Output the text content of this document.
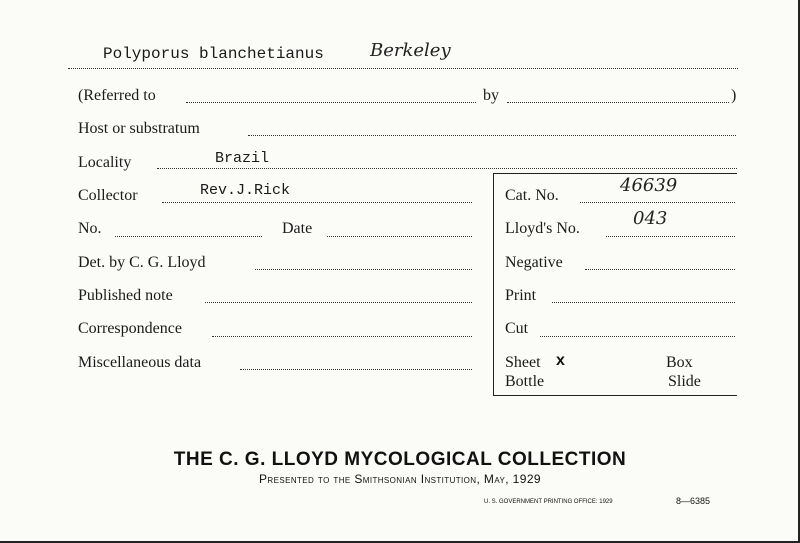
Polyporus blanchetianus	Berkeley
(Referred to	by	)
Host or substratum
Locality	Brazil
Collector	Rev.J.Rick	Cat. No.	46639
No.	Date	Lloyd's No.	043
Det. by C. G. Lloyd	Negative
Published note	Print
Correspondence	Cut
Miscellaneous data	Sheet x	Box
Bottle	Slide
THE C. G. LLOYD MYCOLOGICAL COLLECTION
Presented to the Smithsonian Institution, May, 1929
U. S. GOVERNMENT PRINTING OFFICE: 1929	8—6385
